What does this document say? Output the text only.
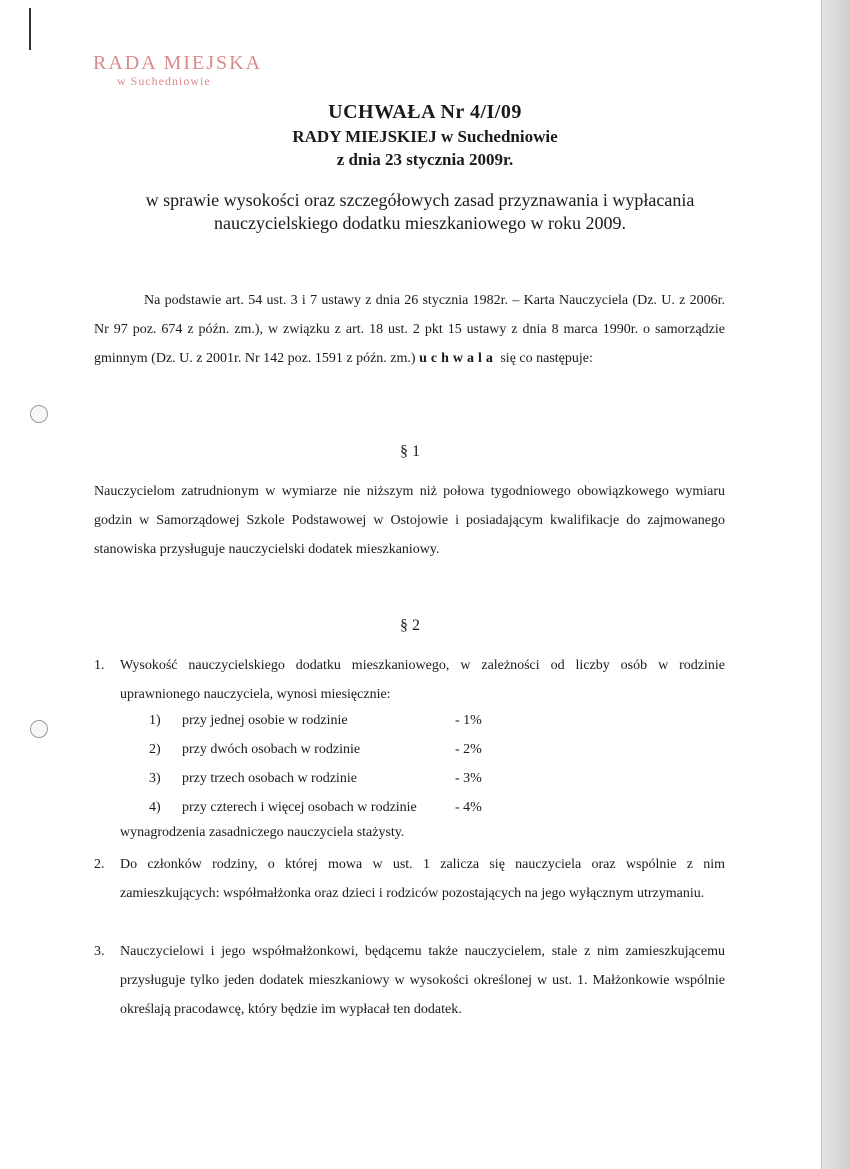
RADA MIEJSKA
w Suchedniowie
UCHWAŁA Nr 4/I/09
RADY MIEJSKIEJ w Suchedniowie
z dnia 23 stycznia 2009r.
w sprawie wysokości oraz szczegółowych zasad przyznawania i wypłacania nauczycielskiego dodatku mieszkaniowego w roku 2009.
Na podstawie art. 54 ust. 3 i 7 ustawy z dnia 26 stycznia 1982r. – Karta Nauczyciela (Dz. U. z 2006r. Nr 97 poz. 674 z późn. zm.), w związku z art. 18 ust. 2 pkt 15 ustawy z dnia 8 marca 1990r. o samorządzie gminnym (Dz. U. z 2001r. Nr 142 poz. 1591 z późn. zm.) uchwala się co następuje:
§ 1
Nauczycielom zatrudnionym w wymiarze nie niższym niż połowa tygodniowego obowiązkowego wymiaru godzin w Samorządowej Szkole Podstawowej w Ostojowie i posiadającym kwalifikacje do zajmowanego stanowiska przysługuje nauczycielski dodatek mieszkaniowy.
§ 2
1. Wysokość nauczycielskiego dodatku mieszkaniowego, w zależności od liczby osób w rodzinie uprawnionego nauczyciela, wynosi miesięcznie:
1) przy jednej osobie w rodzinie	- 1%
2) przy dwóch osobach w rodzinie	- 2%
3) przy trzech osobach w rodzinie	- 3%
4) przy czterech i więcej osobach w rodzinie	- 4%
wynagrodzenia zasadniczego nauczyciela stażysty.
2. Do członków rodziny, o której mowa w ust. 1 zalicza się nauczyciela oraz wspólnie z nim zamieszkujących: współmałżonka oraz dzieci i rodziców pozostających na jego wyłącznym utrzymaniu.
3. Nauczycielowi i jego współmałżonkowi, będącemu także nauczycielem, stale z nim zamieszkującemu przysługuje tylko jeden dodatek mieszkaniowy w wysokości określonej w ust. 1. Małżonkowie wspólnie określają pracodawcę, który będzie im wypłacał ten dodatek.
